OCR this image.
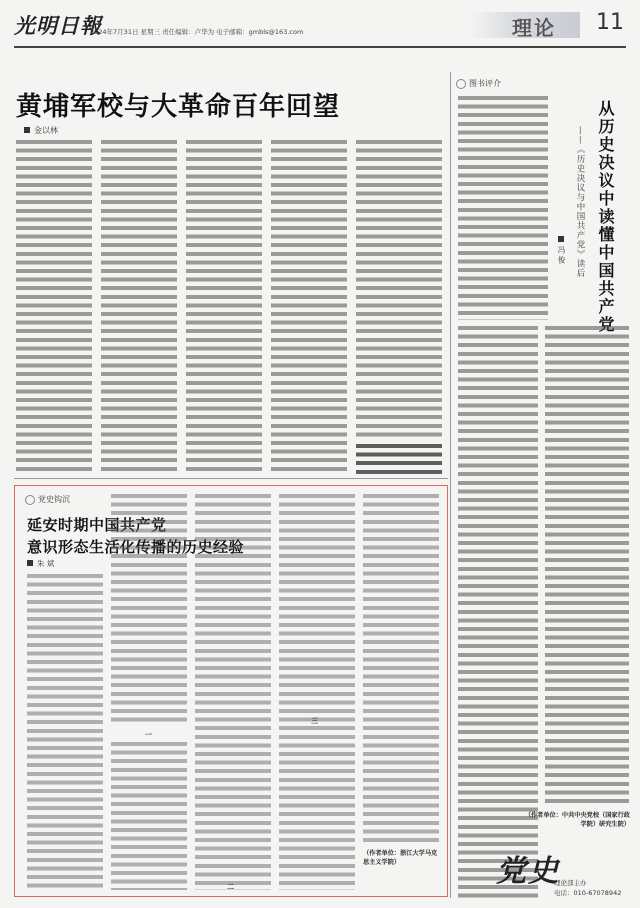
光明日報
2024年7月31日 星期三 责任编辑：卢华为 电子邮箱：gmbls@163.com	理论 11
黄埔军校与大革命百年回望
金以林
党史钩沉
延安时期中国共产党
意识形态生活化传播的历史经验
朱 斌
一
二
三
（作者单位：浙江大学马克思主义学院）
图书评介
从历史决议中读懂中国共产党
——《历史决议与中国共产党》读后
冯 俊
（作者单位：中共中央党校（国家行政学院）研究生院）
党史
理论部主办
电话：010-67078942
